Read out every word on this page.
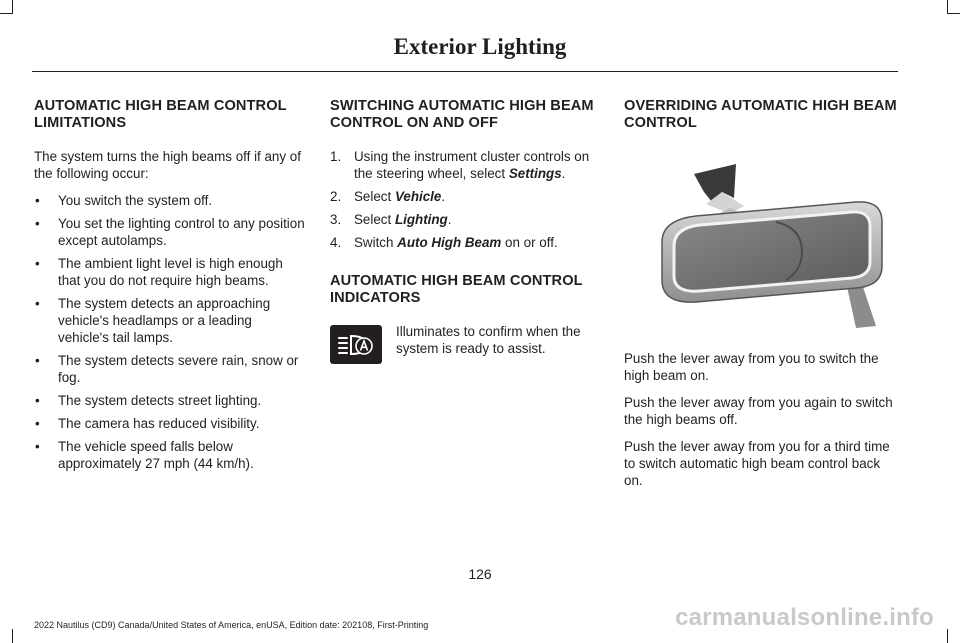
Exterior Lighting
AUTOMATIC HIGH BEAM CONTROL LIMITATIONS

The system turns the high beams off if any of the following occur:

• You switch the system off.
• You set the lighting control to any position except autolamps.
• The ambient light level is high enough that you do not require high beams.
• The system detects an approaching vehicle's headlamps or a leading vehicle's tail lamps.
• The system detects severe rain, snow or fog.
• The system detects street lighting.
• The camera has reduced visibility.
• The vehicle speed falls below approximately 27 mph (44 km/h).
SWITCHING AUTOMATIC HIGH BEAM CONTROL ON AND OFF
1. Using the instrument cluster controls on the steering wheel, select Settings.
2. Select Vehicle.
3. Select Lighting.
4. Switch Auto High Beam on or off.
AUTOMATIC HIGH BEAM CONTROL INDICATORS
Illuminates to confirm when the system is ready to assist.
OVERRIDING AUTOMATIC HIGH BEAM CONTROL

Push the lever away from you to switch the high beam on.

Push the lever away from you again to switch the high beams off.

Push the lever away from you for a third time to switch automatic high beam control back on.

126
2022 Nautilus (CD9) Canada/United States of America, enUSA, Edition date: 202108, First-Printing	carmanualsonline.info
